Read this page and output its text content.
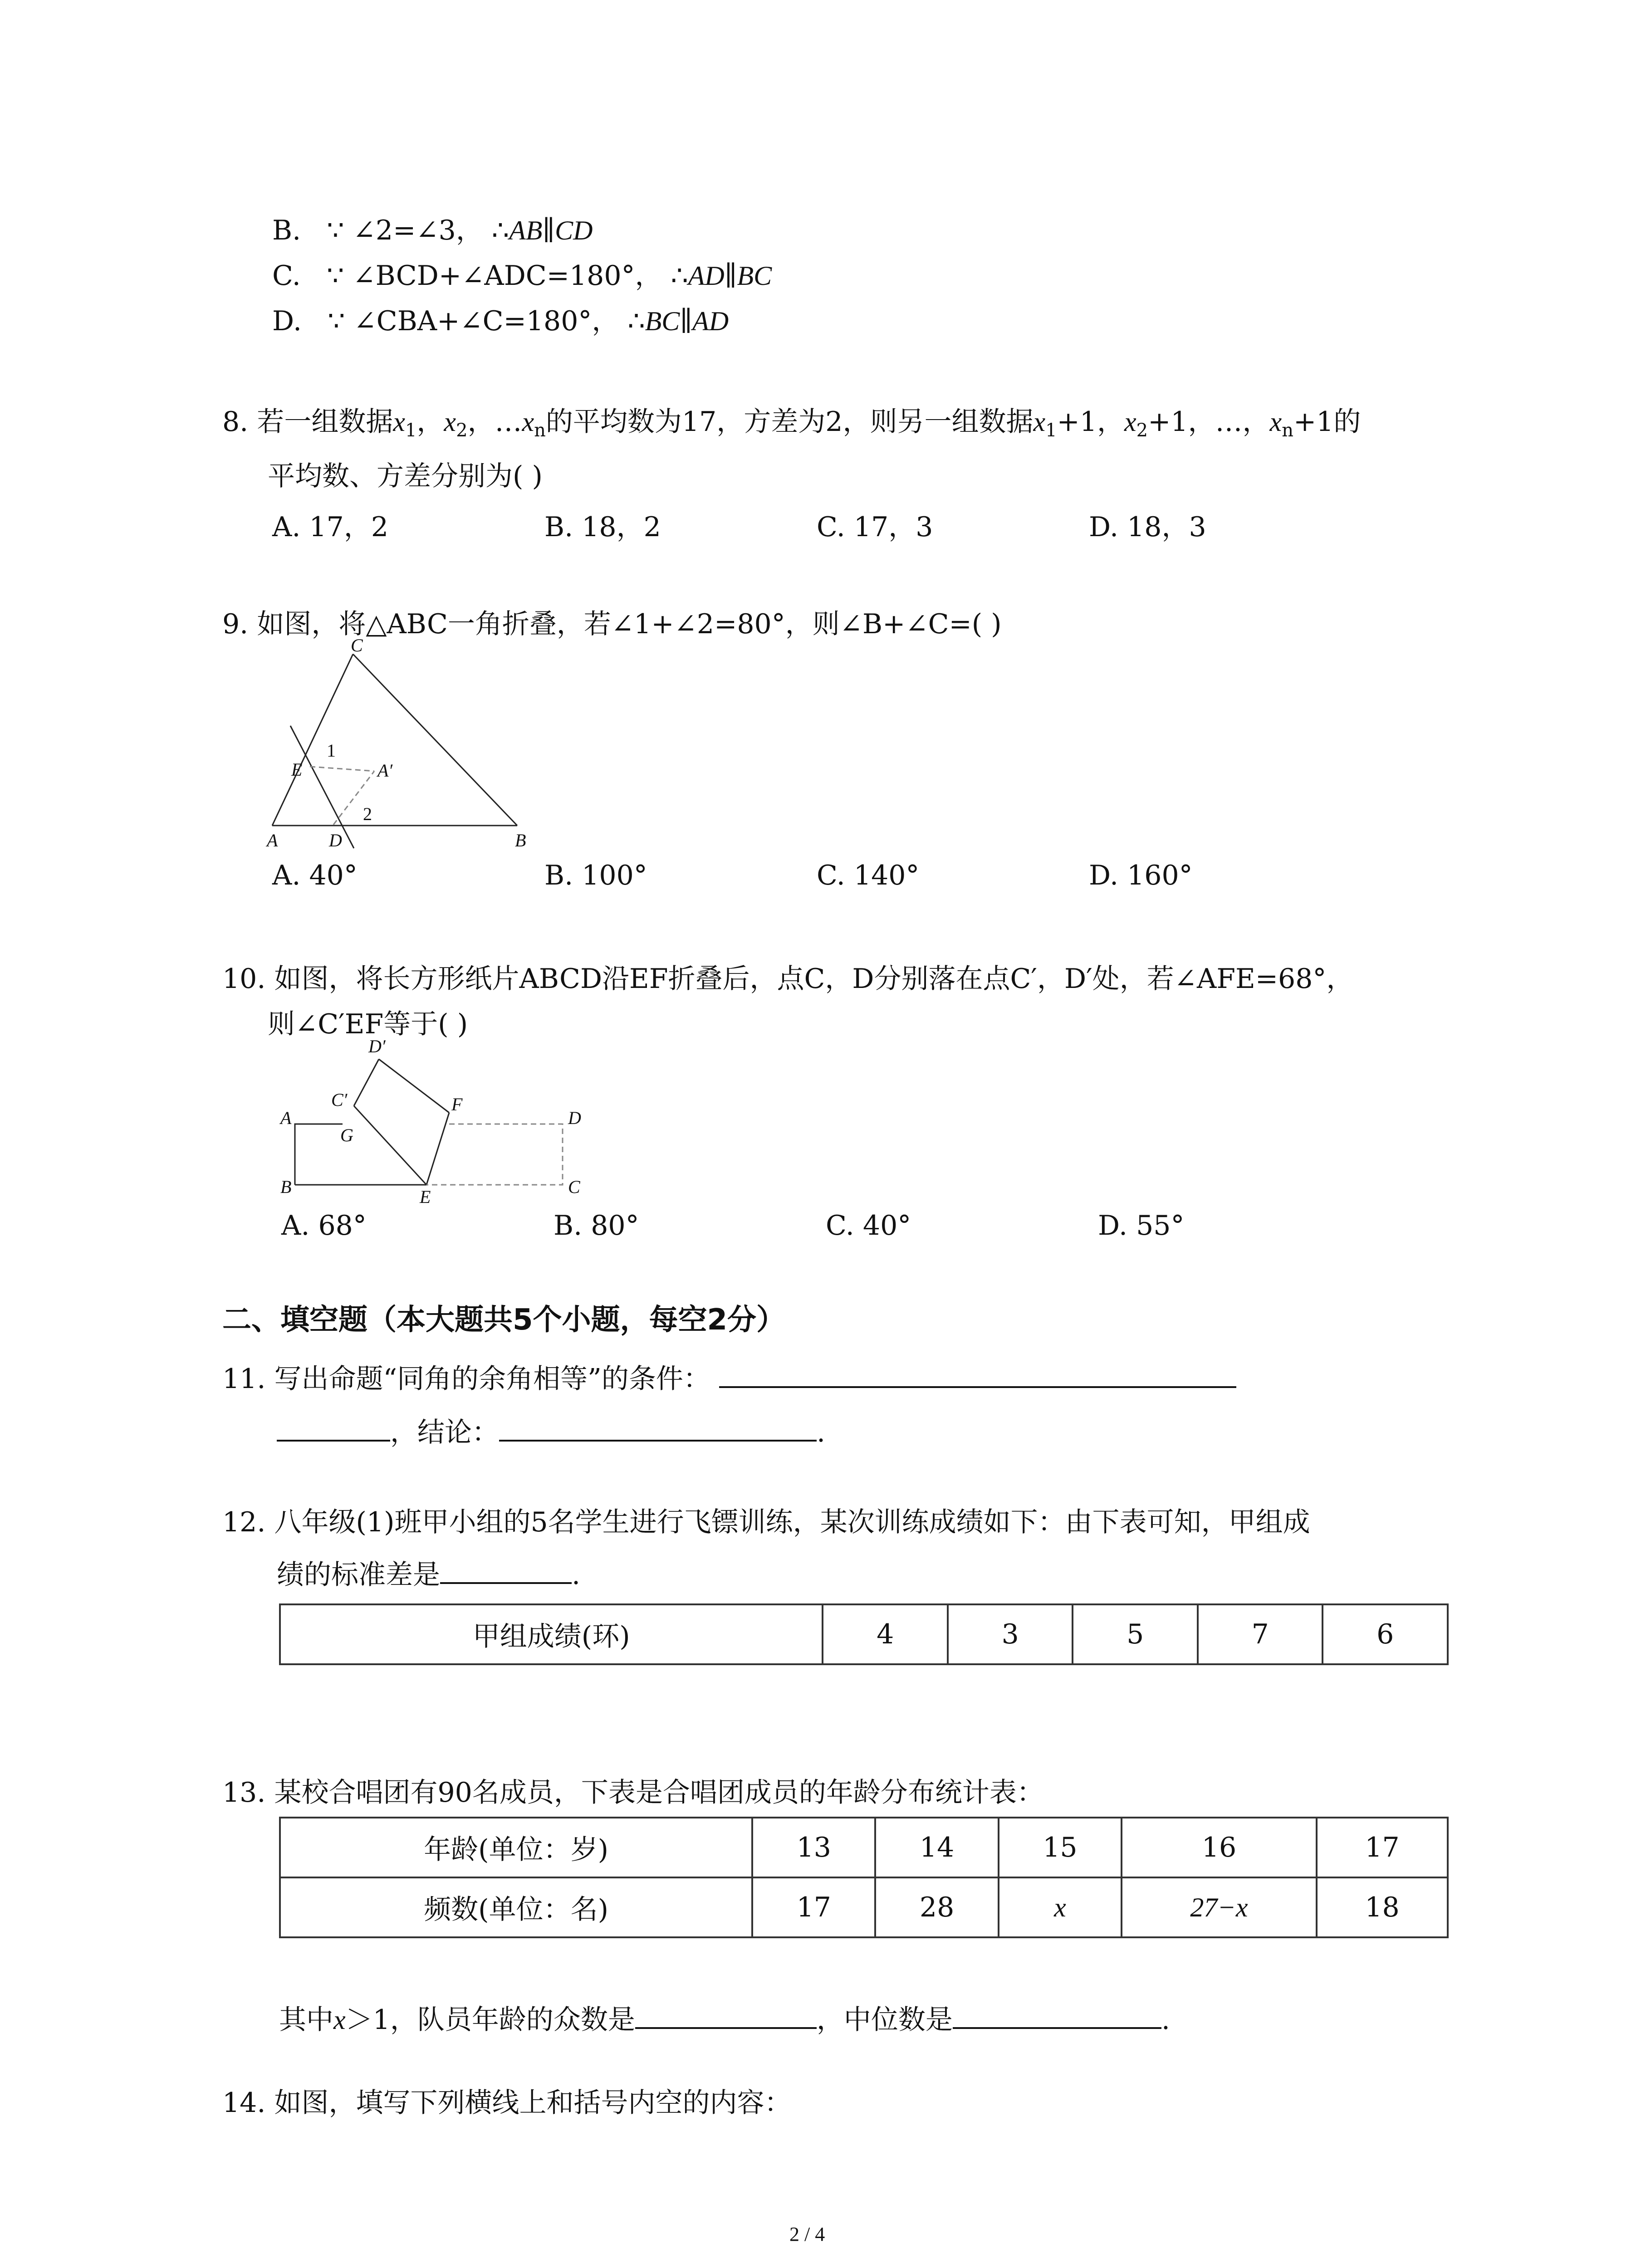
B. ∵ ∠2=∠3， ∴AB∥CD
C. ∵ ∠BCD+∠ADC=180°， ∴AD∥BC
D. ∵ ∠CBA+∠C=180°， ∴BC∥AD
8. 若一组数据$x_1$，$x_2$，$\dots x_n$的平均数为17，方差为2，则另一组数据$x_1+1$，$x_2+1$，…，$x_n+1$的
平均数、方差分别为( )
A. 17，2	B. 18，2	C. 17，3	D. 18，3
9. 如图，将△ABC一角折叠，若∠1+∠2=80°，则∠B+∠C=( )
C
E	A′
A	D	B
1
2
A. 40°	B. 100°	C. 140°	D. 160°
10. 如图，将长方形纸片ABCD沿EF折叠后，点C，D分别落在点C′，D′处，若∠AFE=68°，
则∠C′EF等于( )
D′
C′	F
A
G
D
B	E	C
A. 68°	B. 80°	C. 40°	D. 55°
二、填空题（本大题共5个小题，每空2分）
11. 写出命题“同角的余角相等”的条件：
，结论：	.
12. 八年级(1)班甲小组的5名学生进行飞镖训练，某次训练成绩如下：由下表可知，甲组成
绩的标准差是	.
甲组成绩(环)	4	3	5	7	6
13. 某校合唱团有90名成员，下表是合唱团成员的年龄分布统计表：
年龄(单位：岁)	13	14	15	16	17
频数(单位：名)	17	28	x	27−x	18
其中x＞1，队员年龄的众数是	，中位数是	.
14. 如图，填写下列横线上和括号内空的内容：
2 / 4
